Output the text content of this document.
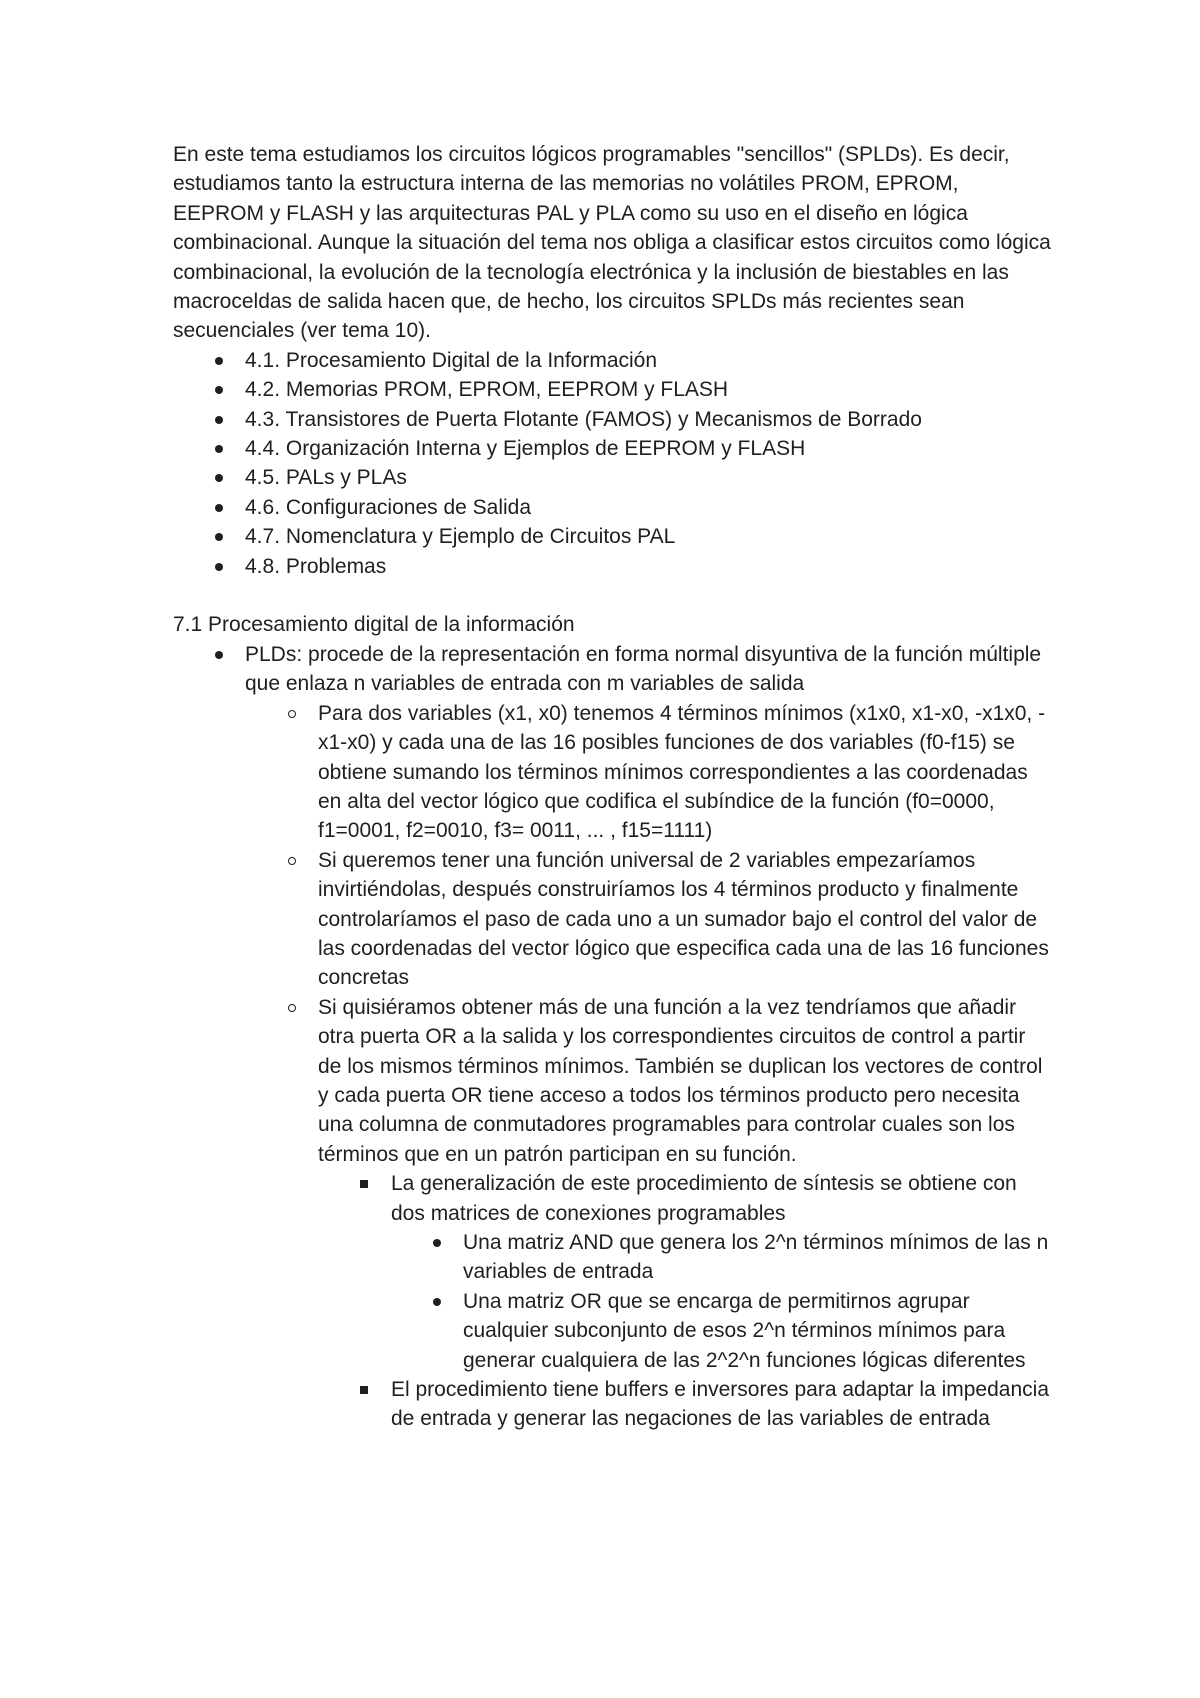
En este tema estudiamos los circuitos lógicos programables "sencillos" (SPLDs). Es decir, estudiamos tanto la estructura interna de las memorias no volátiles PROM, EPROM, EEPROM y FLASH y las arquitecturas PAL y PLA como su uso en el diseño en lógica combinacional. Aunque la situación del tema nos obliga a clasificar estos circuitos como lógica combinacional, la evolución de la tecnología electrónica y la inclusión de biestables en las macroceldas de salida hacen que, de hecho, los circuitos SPLDs más recientes sean secuenciales (ver tema 10).

4.1. Procesamiento Digital de la Información
4.2. Memorias PROM, EPROM, EEPROM y FLASH
4.3. Transistores de Puerta Flotante (FAMOS) y Mecanismos de Borrado
4.4. Organización Interna y Ejemplos de EEPROM y FLASH
4.5. PALs y PLAs
4.6. Configuraciones de Salida
4.7. Nomenclatura y Ejemplo de Circuitos PAL
4.8. Problemas

7.1 Procesamiento digital de la información

PLDs: procede de la representación en forma normal disyuntiva de la función múltiple que enlaza n variables de entrada con m variables de salida
Para dos variables (x1, x0) tenemos 4 términos mínimos (x1x0, x1-x0, -x1x0, -x1-x0) y cada una de las 16 posibles funciones de dos variables (f0-f15) se obtiene sumando los términos mínimos correspondientes a las coordenadas en alta del vector lógico que codifica el subíndice de la función (f0=0000, f1=0001, f2=0010, f3= 0011, ... , f15=1111)
Si queremos tener una función universal de 2 variables empezaríamos invirtiéndolas, después construiríamos los 4 términos producto y finalmente controlaríamos el paso de cada uno a un sumador bajo el control del valor de las coordenadas del vector lógico que especifica cada una de las 16 funciones concretas
Si quisiéramos obtener más de una función a la vez tendríamos que añadir otra puerta OR a la salida y los correspondientes circuitos de control a partir de los mismos términos mínimos. También se duplican los vectores de control y cada puerta OR tiene acceso a todos los términos producto pero necesita una columna de conmutadores programables para controlar cuales son los términos que en un patrón participan en su función.
La generalización de este procedimiento de síntesis se obtiene con dos matrices de conexiones programables
Una matriz AND que genera los 2^n términos mínimos de las n variables de entrada
Una matriz OR que se encarga de permitirnos agrupar cualquier subconjunto de esos 2^n términos mínimos para generar cualquiera de las 2^2^n funciones lógicas diferentes
El procedimiento tiene buffers e inversores para adaptar la impedancia de entrada y generar las negaciones de las variables de entrada
